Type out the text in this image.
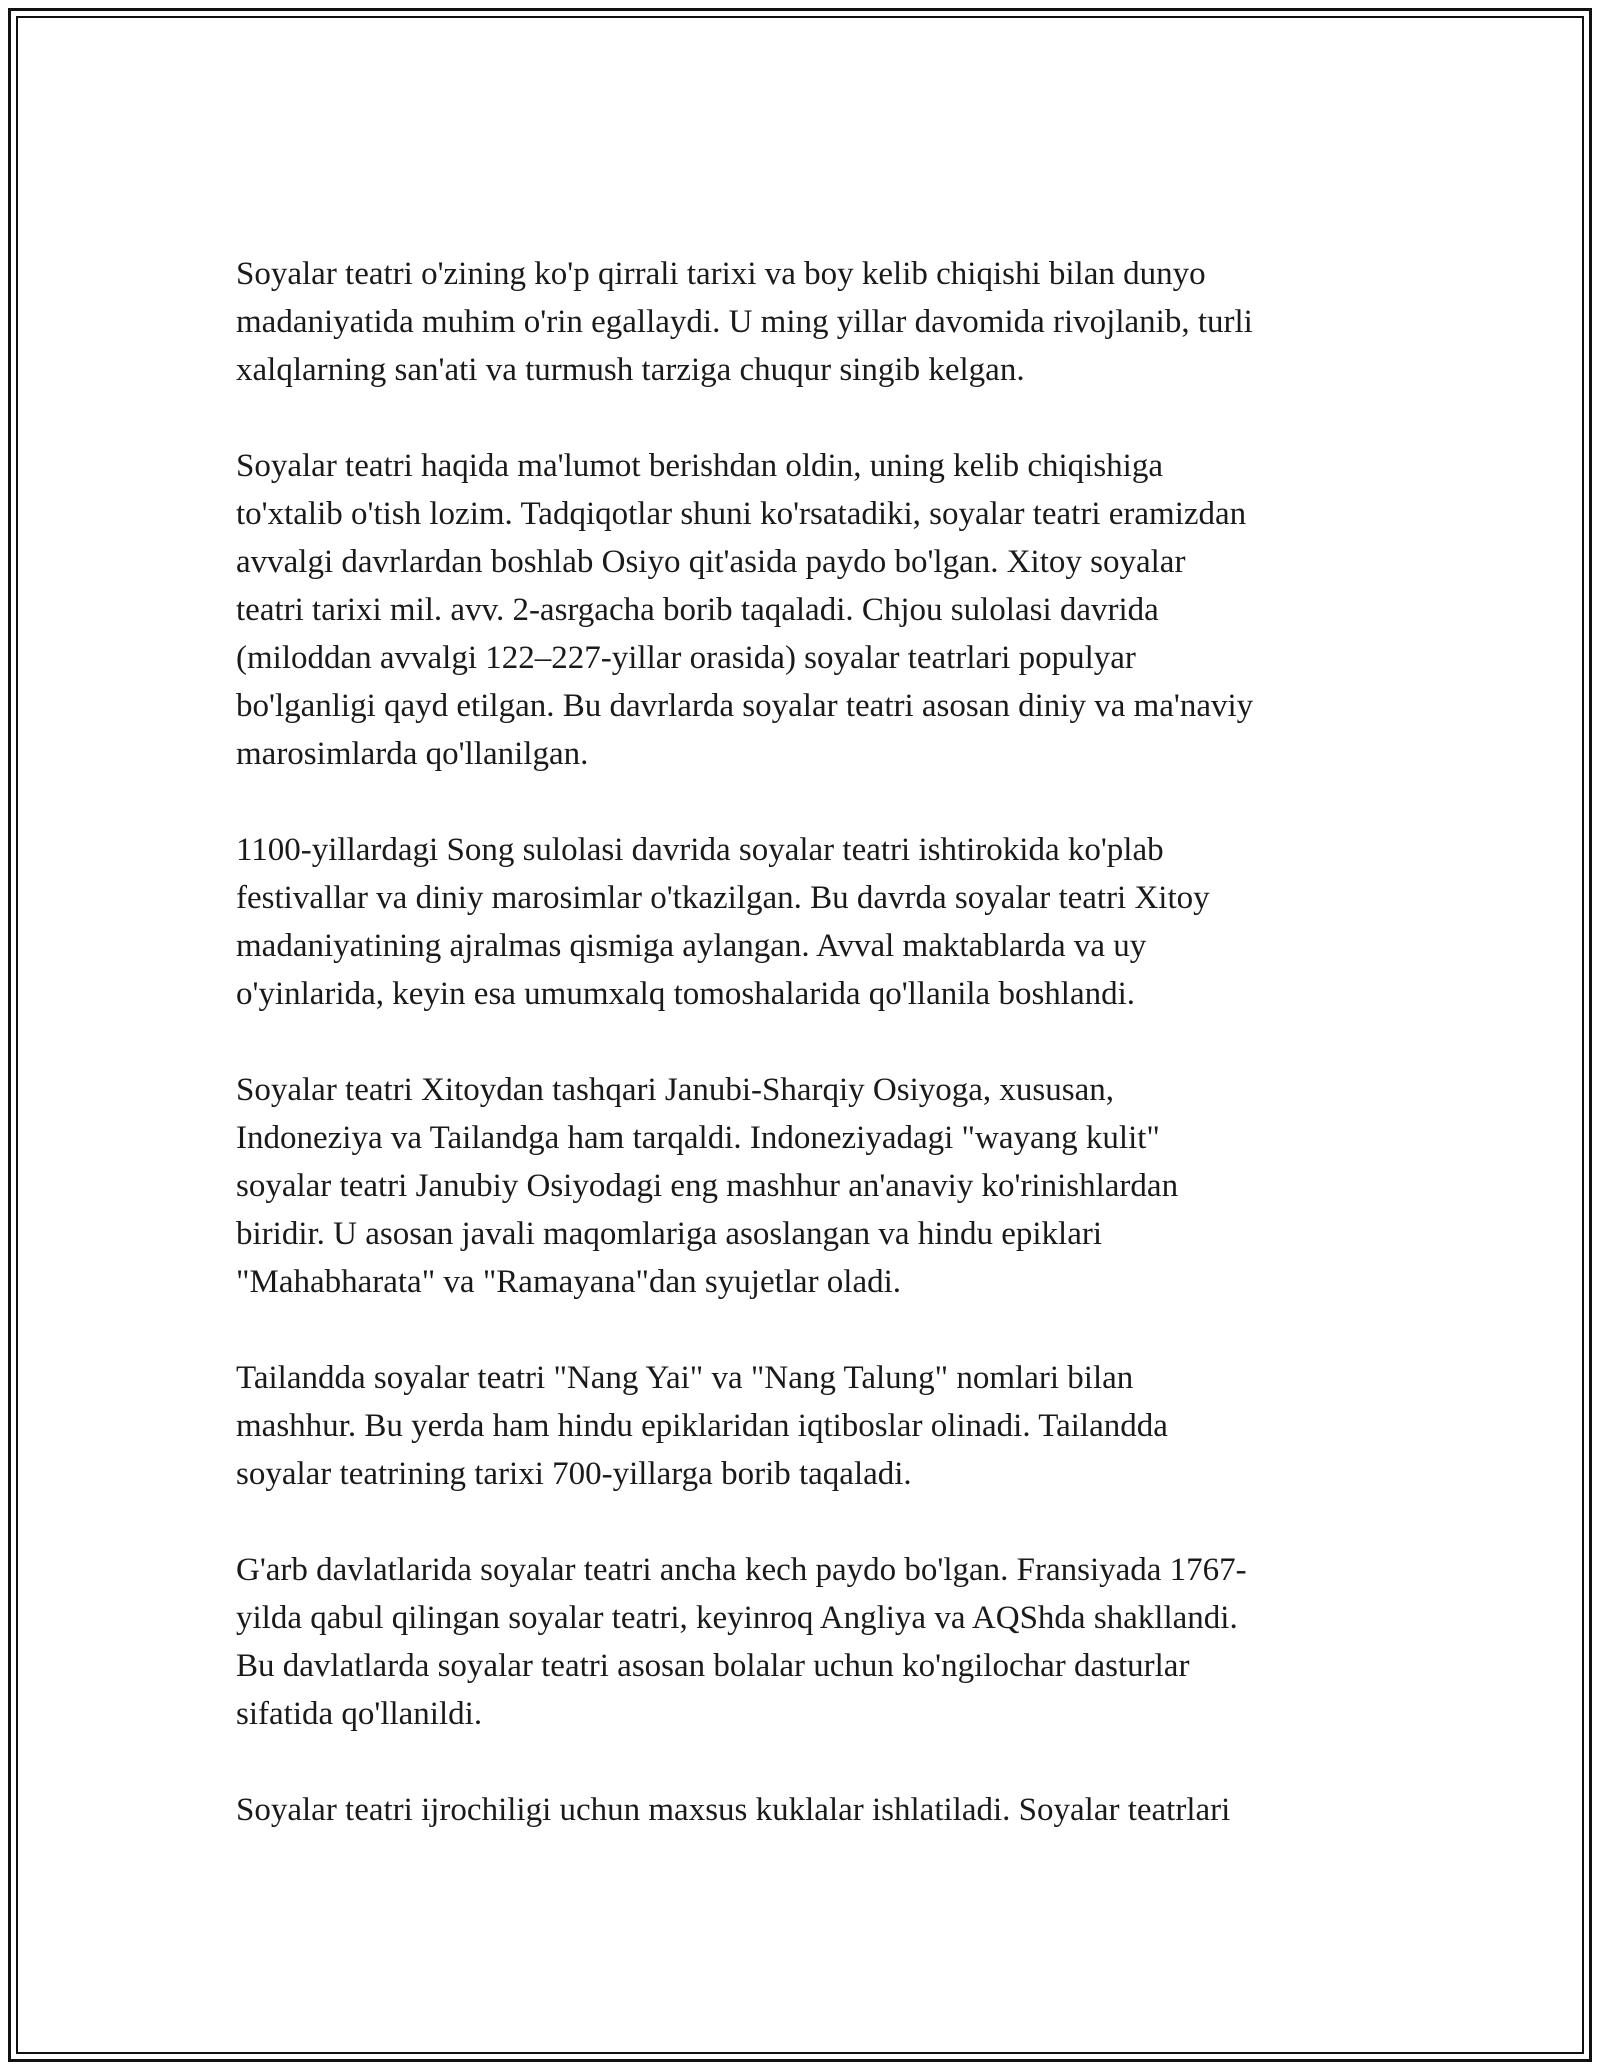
Soyalar teatri o'zining ko'p qirrali tarixi va boy kelib chiqishi bilan dunyo
madaniyatida muhim o'rin egallaydi. U ming yillar davomida rivojlanib, turli
xalqlarning san'ati va turmush tarziga chuqur singib kelgan.

Soyalar teatri haqida ma'lumot berishdan oldin, uning kelib chiqishiga
to'xtalib o'tish lozim. Tadqiqotlar shuni ko'rsatadiki, soyalar teatri eramizdan
avvalgi davrlardan boshlab Osiyo qit'asida paydo bo'lgan. Xitoy soyalar
teatri tarixi mil. avv. 2-asrgacha borib taqaladi. Chjou sulolasi davrida
(miloddan avvalgi 122–227-yillar orasida) soyalar teatrlari populyar
bo'lganligi qayd etilgan. Bu davrlarda soyalar teatri asosan diniy va ma'naviy
marosimlarda qo'llanilgan.

1100-yillardagi Song sulolasi davrida soyalar teatri ishtirokida ko'plab
festivallar va diniy marosimlar o'tkazilgan. Bu davrda soyalar teatri Xitoy
madaniyatining ajralmas qismiga aylangan. Avval maktablarda va uy
o'yinlarida, keyin esa umumxalq tomoshalarida qo'llanila boshlandi.

Soyalar teatri Xitoydan tashqari Janubi-Sharqiy Osiyoga, xususan,
Indoneziya va Tailandga ham tarqaldi. Indoneziyadagi "wayang kulit"
soyalar teatri Janubiy Osiyodagi eng mashhur an'anaviy ko'rinishlardan
biridir. U asosan javali maqomlariga asoslangan va hindu epiklari
"Mahabharata" va "Ramayana"dan syujetlar oladi.

Tailandda soyalar teatri "Nang Yai" va "Nang Talung" nomlari bilan
mashhur. Bu yerda ham hindu epiklaridan iqtiboslar olinadi. Tailandda
soyalar teatrining tarixi 700-yillarga borib taqaladi.

G'arb davlatlarida soyalar teatri ancha kech paydo bo'lgan. Fransiyada 1767-
yilda qabul qilingan soyalar teatri, keyinroq Angliya va AQShda shakllandi.
Bu davlatlarda soyalar teatri asosan bolalar uchun ko'ngilochar dasturlar
sifatida qo'llanildi.

Soyalar teatri ijrochiligi uchun maxsus kuklalar ishlatiladi. Soyalar teatrlari
